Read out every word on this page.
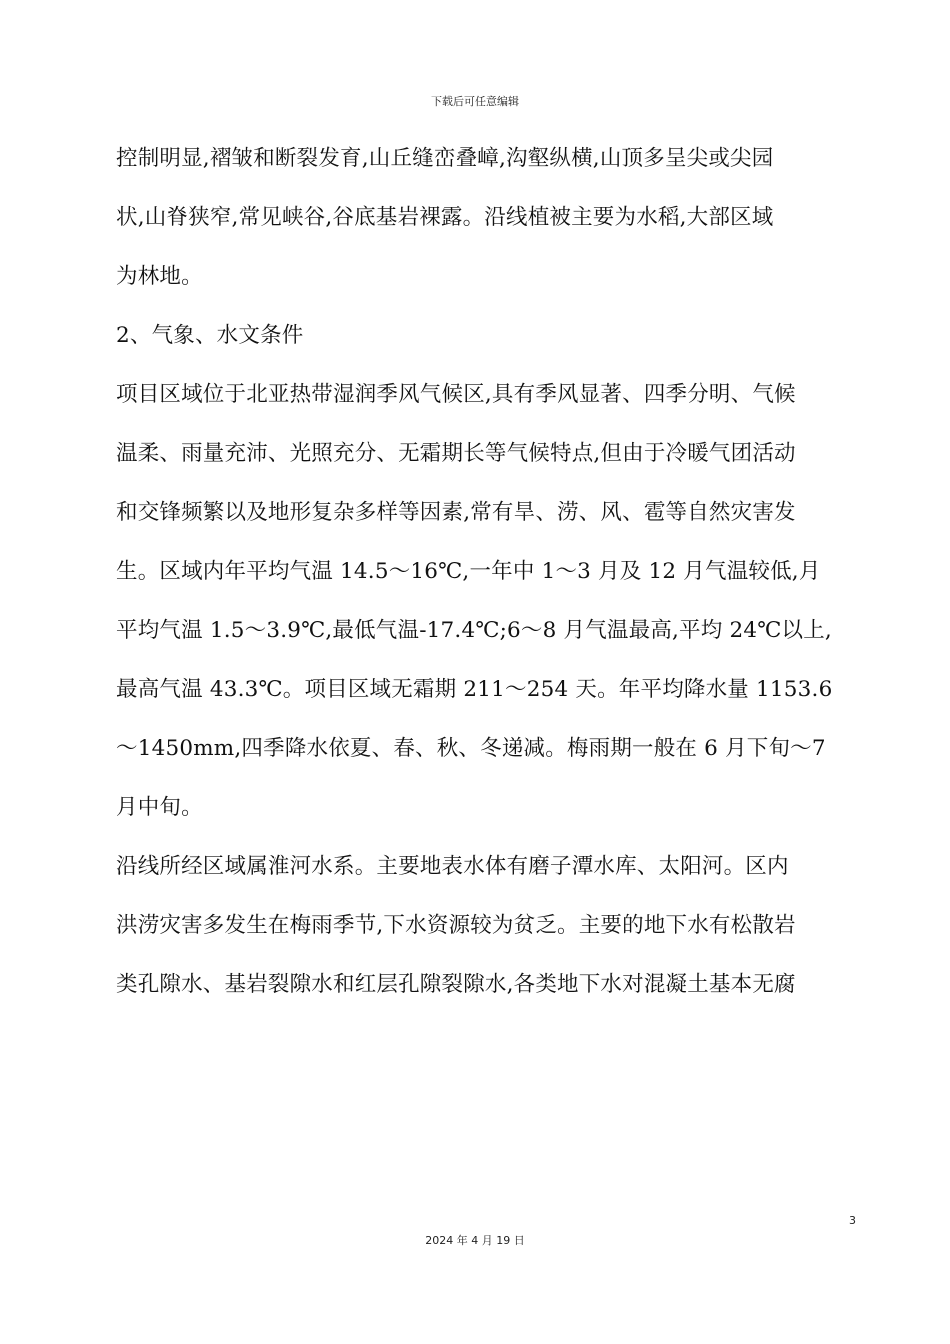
下载后可任意编辑
控制明显,褶皱和断裂发育,山丘缝峦叠嶂,沟壑纵横,山顶多呈尖或尖园
状,山脊狭窄,常见峡谷,谷底基岩裸露。沿线植被主要为水稻,大部区域
为林地。
2、气象、水文条件
项目区域位于北亚热带湿润季风气候区,具有季风显著、四季分明、气候
温柔、雨量充沛、光照充分、无霜期长等气候特点,但由于冷暖气团活动
和交锋频繁以及地形复杂多样等因素,常有旱、涝、风、雹等自然灾害发
生。区域内年平均气温 14.5～16℃,一年中 1～3 月及 12 月气温较低,月
平均气温 1.5～3.9℃,最低气温-17.4℃;6～8 月气温最高,平均 24℃以上,
最高气温 43.3℃。项目区域无霜期 211～254 天。年平均降水量 1153.6
～1450mm,四季降水依夏、春、秋、冬递减。梅雨期一般在 6 月下旬～7
月中旬。
沿线所经区域属淮河水系。主要地表水体有磨子潭水库、太阳河。区内
洪涝灾害多发生在梅雨季节,下水资源较为贫乏。主要的地下水有松散岩
类孔隙水、基岩裂隙水和红层孔隙裂隙水,各类地下水对混凝土基本无腐
3
2024 年 4 月 19 日
